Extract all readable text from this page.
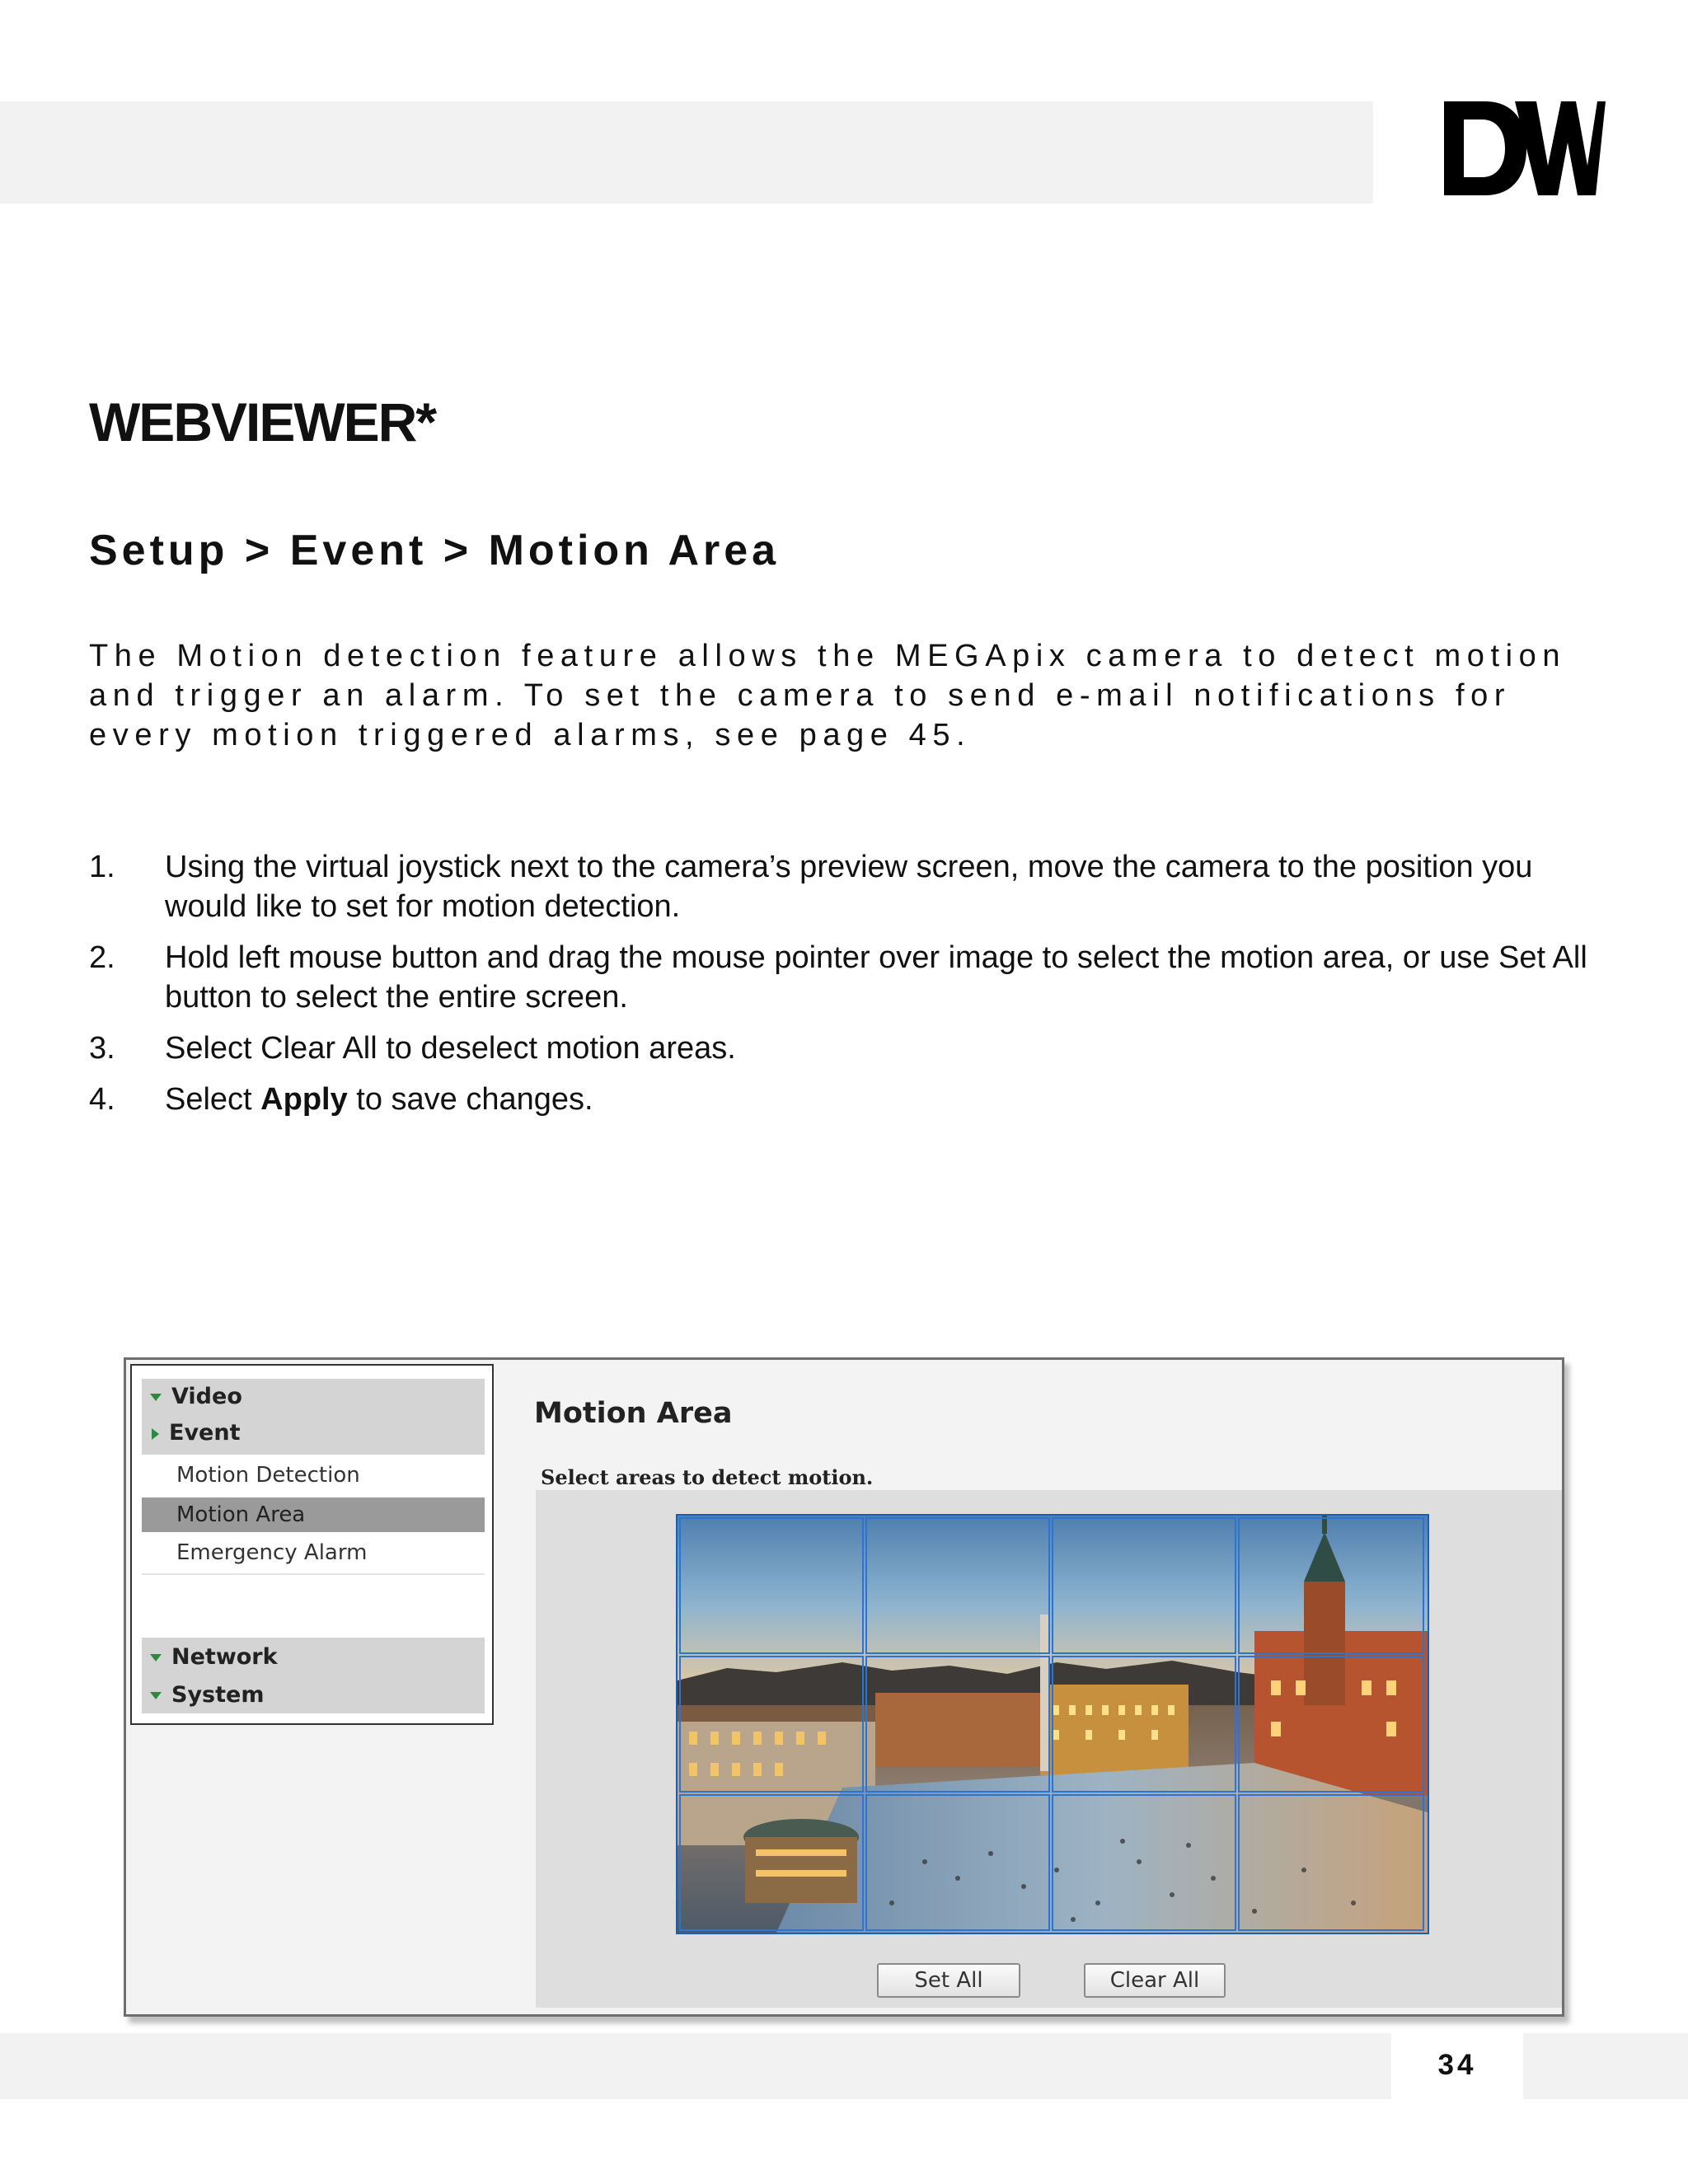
WEBVIEWER*
Setup > Event > Motion Area
The Motion detection feature allows the MEGApix camera to detect motion and trigger an alarm. To set the camera to send e-mail notifications for every motion triggered alarms, see page 45.
1. Using the virtual joystick next to the camera’s preview screen, move the camera to the position you would like to set for motion detection.
2. Hold left mouse button and drag the mouse pointer over image to select the motion area, or use Set All button to select the entire screen.
3. Select Clear All to deselect motion areas.
4. Select Apply to save changes.
Video
Event
Motion Detection
Motion Area
Emergency Alarm
Network
System
Motion Area
Select areas to detect motion.
Set All	Clear All
34
